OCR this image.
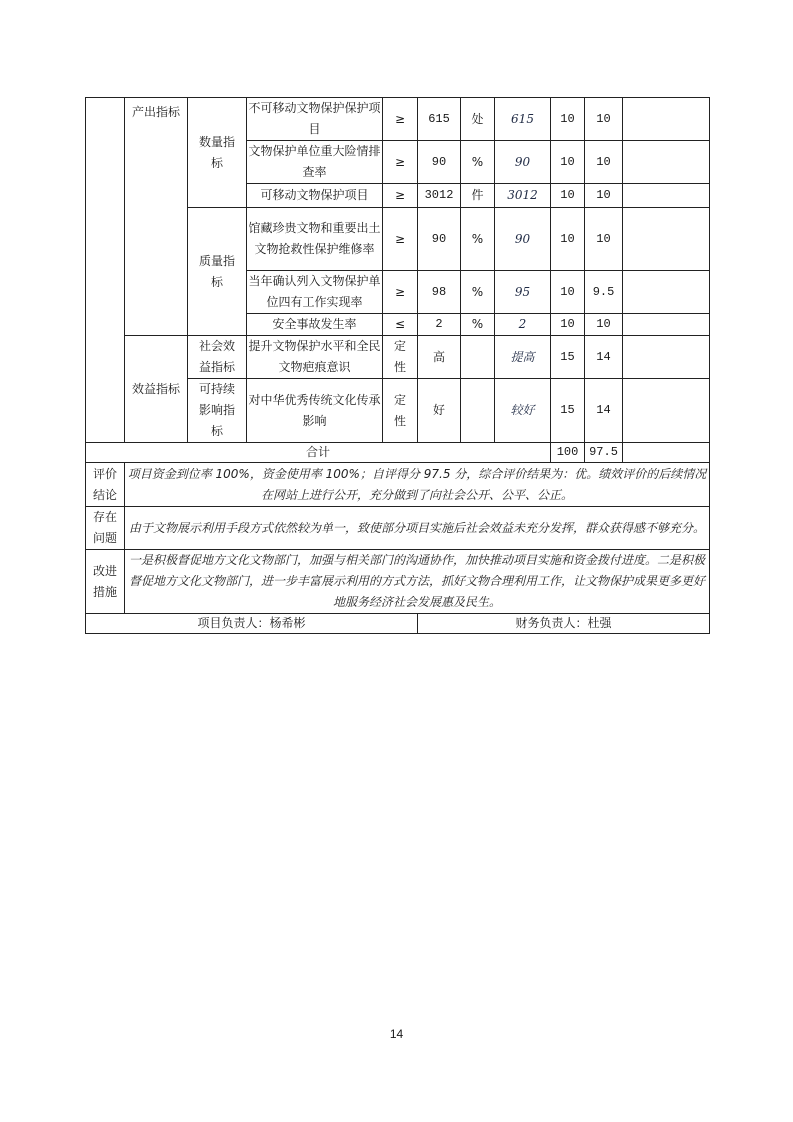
	产出指标	数量指标	不可移动文物保护保护项目	≥	615	处	615	10	10	
			文物保护单位重大险情排查率	≥	90	%	90	10	10	
			可移动文物保护项目	≥	3012	件	3012	10	10	
		质量指标	馆藏珍贵文物和重要出土文物抢救性保护维修率	≥	90	%	90	10	10	
			当年确认列入文物保护单位四有工作实现率	≥	98	%	95	10	9.5	
			安全事故发生率	≤	2	%	2	10	10	
	效益指标	社会效益指标	提升文物保护水平和全民文物疤痕意识	定性	高		提高	15	14	
		可持续影响指标	对中华优秀传统文化传承影响	定性	好		较好	15	14	
合计								100	97.5	
评价结论	项目资金到位率 100%，资金使用率 100%；自评得分 97.5 分，综合评价结果为：优。绩效评价的后续情况在网站上进行公开，充分做到了向社会公开、公平、公正。									
存在问题	由于文物展示利用手段方式依然较为单一，致使部分项目实施后社会效益未充分发挥，群众获得感不够充分。									
改进措施	一是积极督促地方文化文物部门，加强与相关部门的沟通协作，加快推动项目实施和资金拨付进度。二是积极督促地方文化文物部门，进一步丰富展示利用的方式方法，抓好文物合理利用工作，让文物保护成果更多更好地服务经济社会发展惠及民生。									
项目负责人：杨希彬					财务负责人：杜强					
14
